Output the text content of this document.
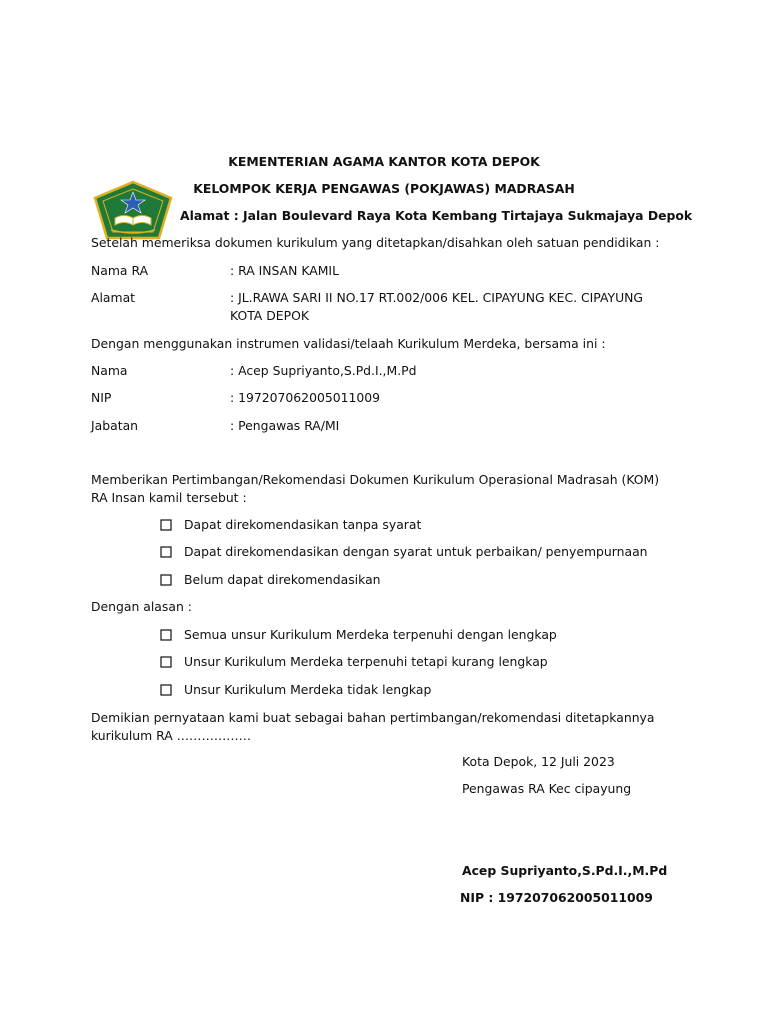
KEMENTERIAN AGAMA KANTOR KOTA DEPOK
KELOMPOK KERJA PENGAWAS (POKJAWAS) MADRASAH
Alamat : Jalan Boulevard Raya Kota Kembang Tirtajaya Sukmajaya Depok
Setelah memeriksa dokumen kurikulum yang ditetapkan/disahkan oleh satuan pendidikan :
Nama RA	: RA INSAN KAMIL
Alamat	: JL.RAWA SARI II NO.17 RT.002/006 KEL. CIPAYUNG KEC. CIPAYUNG KOTA DEPOK
Dengan menggunakan instrumen validasi/telaah Kurikulum Merdeka, bersama ini :
Nama	: Acep Supriyanto,S.Pd.I.,M.Pd
NIP	: 197207062005011009
Jabatan	: Pengawas RA/MI
Memberikan Pertimbangan/Rekomendasi Dokumen Kurikulum Operasional Madrasah (KOM) RA Insan kamil tersebut :
Dapat direkomendasikan tanpa syarat
Dapat direkomendasikan dengan syarat untuk perbaikan/ penyempurnaan
Belum dapat direkomendasikan
Dengan alasan :
Semua unsur Kurikulum Merdeka terpenuhi dengan lengkap
Unsur Kurikulum Merdeka terpenuhi tetapi kurang lengkap
Unsur Kurikulum Merdeka tidak lengkap
Demikian pernyataan kami buat sebagai bahan pertimbangan/rekomendasi ditetapkannya kurikulum RA ………………
Kota Depok, 12 Juli 2023
Pengawas RA Kec cipayung
Acep Supriyanto,S.Pd.I.,M.Pd
NIP : 197207062005011009
